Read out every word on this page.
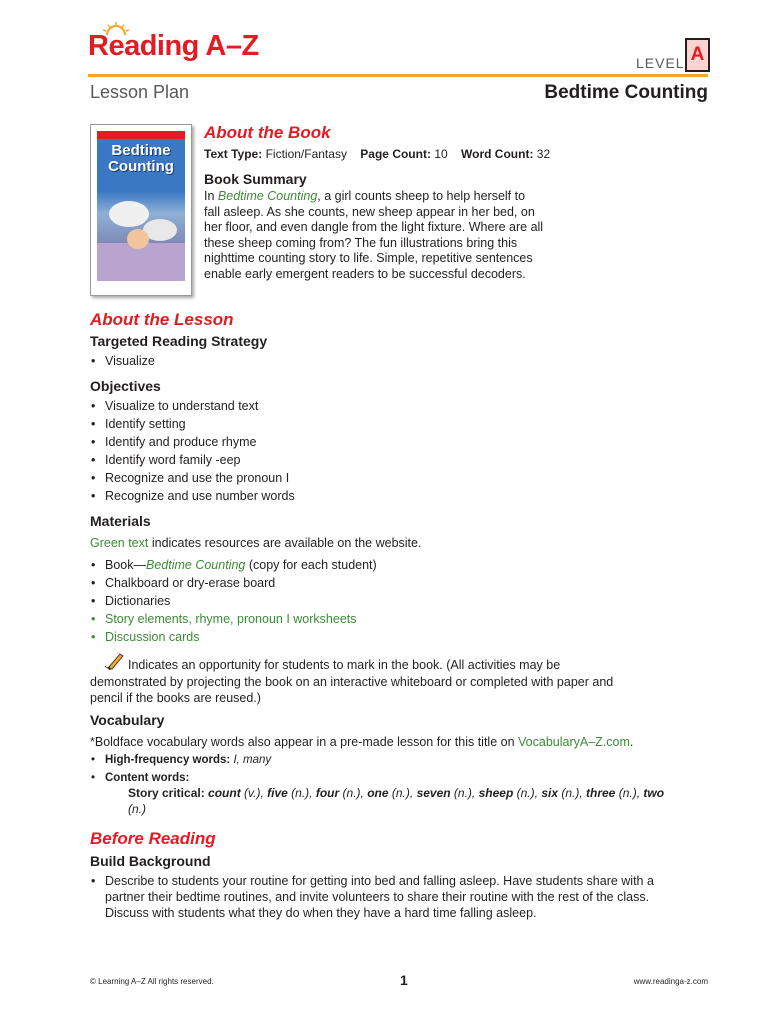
Reading A–Z
LEVEL A
Lesson Plan	Bedtime Counting
Bedtime
Counting
About the Book
Text Type: Fiction/Fantasy Page Count: 10 Word Count: 32
Book Summary
In Bedtime Counting, a girl counts sheep to help herself to fall asleep. As she counts, new sheep appear in her bed, on her floor, and even dangle from the light fixture. Where are all these sheep coming from? The fun illustrations bring this nighttime counting story to life. Simple, repetitive sentences enable early emergent readers to be successful decoders.
About the Lesson
Targeted Reading Strategy
• Visualize
Objectives
• Visualize to understand text
• Identify setting
• Identify and produce rhyme
• Identify word family -eep
• Recognize and use the pronoun I
• Recognize and use number words
Materials
Green text indicates resources are available on the website.
• Book—Bedtime Counting (copy for each student)
• Chalkboard or dry-erase board
• Dictionaries
• Story elements, rhyme, pronoun I worksheets
• Discussion cards
Indicates an opportunity for students to mark in the book. (All activities may be demonstrated by projecting the book on an interactive whiteboard or completed with paper and pencil if the books are reused.)
Vocabulary
*Boldface vocabulary words also appear in a pre-made lesson for this title on VocabularyA–Z.com.
• High-frequency words: I, many
• Content words:
Story critical: count (v.), five (n.), four (n.), one (n.), seven (n.), sheep (n.), six (n.), three (n.), two (n.)
Before Reading
Build Background
• Describe to students your routine for getting into bed and falling asleep. Have students share with a partner their bedtime routines, and invite volunteers to share their routine with the rest of the class. Discuss with students what they do when they have a hard time falling asleep.
© Learning A–Z All rights reserved.	1	www.readinga-z.com
